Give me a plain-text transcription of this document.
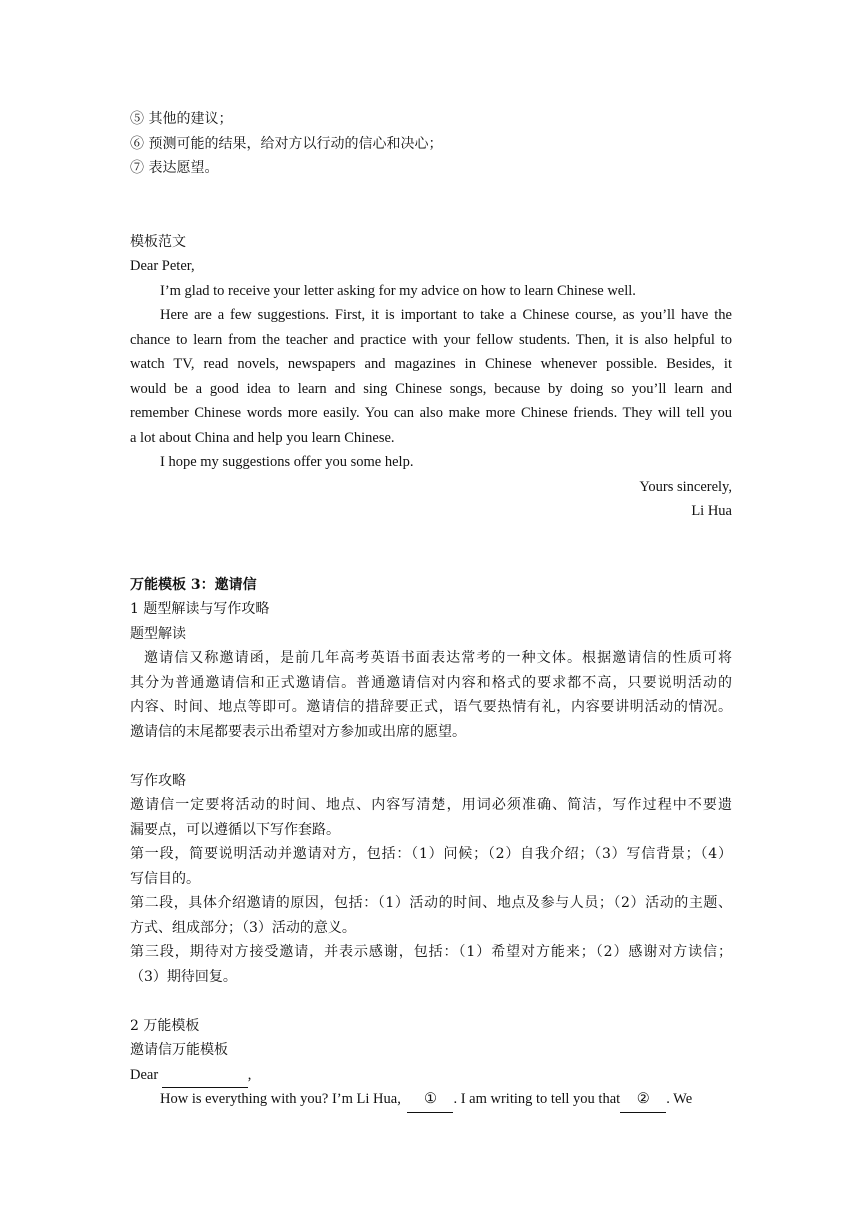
⑤ 其他的建议；
⑥ 预测可能的结果，给对方以行动的信心和决心；
⑦ 表达愿望。
模板范文
Dear Peter,
I’m glad to receive your letter asking for my advice on how to learn Chinese well.
Here are a few suggestions. First, it is important to take a Chinese course, as you’ll have the
chance to learn from the teacher and practice with your fellow students. Then, it is also helpful to
watch TV, read novels, newspapers and magazines in Chinese whenever possible. Besides, it
would be a good idea to learn and sing Chinese songs, because by doing so you’ll learn and
remember Chinese words more easily. You can also make more Chinese friends. They will tell you
a lot about China and help you learn Chinese.
I hope my suggestions offer you some help.
Yours sincerely,
Li Hua
万能模板 3：邀请信
1 题型解读与写作攻略
题型解读
邀请信又称邀请函，是前几年高考英语书面表达常考的一种文体。根据邀请信的性质可将
其分为普通邀请信和正式邀请信。普通邀请信对内容和格式的要求都不高，只要说明活动的
内容、时间、地点等即可。邀请信的措辞要正式，语气要热情有礼，内容要讲明活动的情况。
邀请信的末尾都要表示出希望对方参加或出席的愿望。
写作攻略
邀请信一定要将活动的时间、地点、内容写清楚，用词必须准确、简洁，写作过程中不要遗
漏要点，可以遵循以下写作套路。
第一段，简要说明活动并邀请对方，包括：（1）问候；（2）自我介绍；（3）写信背景；（4）
写信目的。
第二段，具体介绍邀请的原因，包括：（1）活动的时间、地点及参与人员；（2）活动的主题、
方式、组成部分；（3）活动的意义。
第三段，期待对方接受邀请，并表示感谢，包括：（1）希望对方能来；（2）感谢对方读信；
（3）期待回复。
2 万能模板
邀请信万能模板
Dear	,
How is everything with you? I’m Li Hua, ① . I am writing to tell you that ② . We
